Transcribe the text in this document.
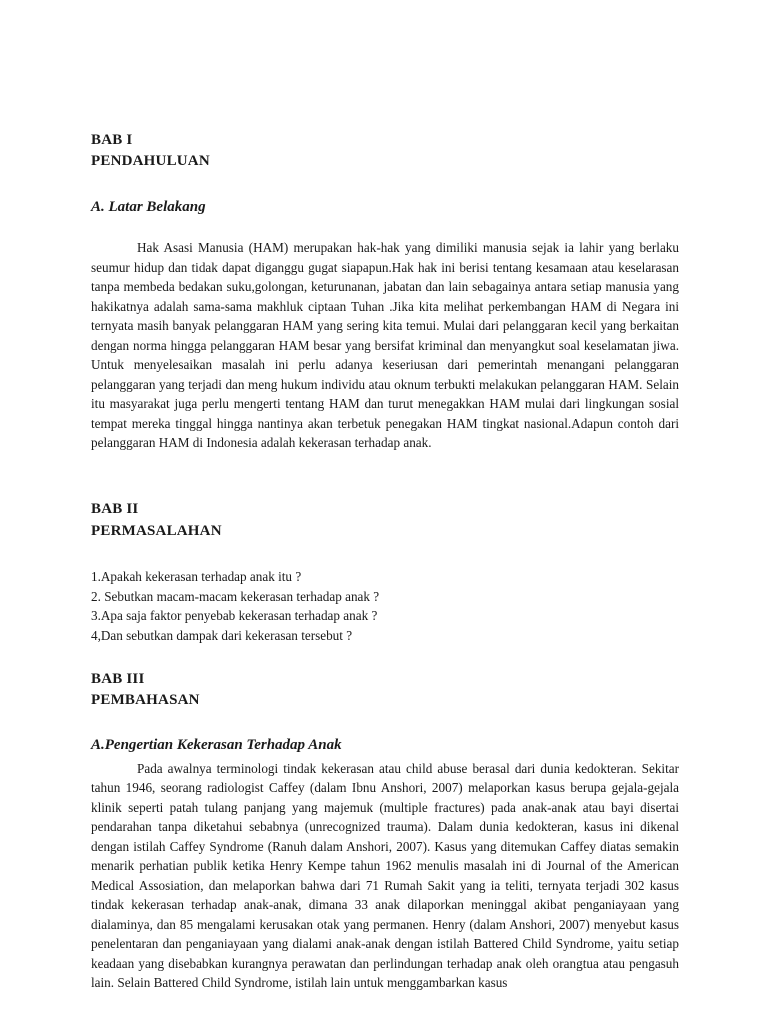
BAB I
PENDAHULUAN
A. Latar Belakang

Hak Asasi Manusia (HAM) merupakan hak-hak yang dimiliki manusia sejak ia lahir yang berlaku seumur hidup dan tidak dapat diganggu gugat siapapun.Hak hak ini berisi tentang kesamaan atau keselarasan tanpa membeda bedakan suku,golongan, keturunanan, jabatan dan lain sebagainya antara setiap manusia yang hakikatnya adalah sama-sama makhluk ciptaan Tuhan .Jika kita melihat perkembangan HAM di Negara ini ternyata masih banyak pelanggaran HAM yang sering kita temui. Mulai dari pelanggaran kecil yang berkaitan dengan norma hingga pelanggaran HAM besar yang bersifat kriminal dan menyangkut soal keselamatan jiwa. Untuk menyelesaikan masalah ini perlu adanya keseriusan dari pemerintah menangani pelanggaran pelanggaran yang terjadi dan meng hukum individu atau oknum terbukti melakukan pelanggaran HAM. Selain itu masyarakat juga perlu mengerti tentang HAM dan turut menegakkan HAM mulai dari lingkungan sosial tempat mereka tinggal hingga nantinya akan terbetuk penegakan HAM tingkat nasional.Adapun contoh dari pelanggaran HAM di Indonesia adalah kekerasan terhadap anak.

BAB II
PERMASALAHAN
1.Apakah kekerasan terhadap anak itu ?
2. Sebutkan macam-macam kekerasan terhadap anak ?
3.Apa saja faktor penyebab kekerasan terhadap anak ?
4,Dan sebutkan dampak dari kekerasan tersebut ?
BAB III
PEMBAHASAN
A.Pengertian Kekerasan Terhadap Anak

Pada awalnya terminologi tindak kekerasan atau child abuse berasal dari dunia kedokteran. Sekitar tahun 1946, seorang radiologist Caffey (dalam Ibnu Anshori, 2007) melaporkan kasus berupa gejala-gejala klinik seperti patah tulang panjang yang majemuk (multiple fractures) pada anak-anak atau bayi disertai pendarahan tanpa diketahui sebabnya (unrecognized trauma). Dalam dunia kedokteran, kasus ini dikenal dengan istilah Caffey Syndrome (Ranuh dalam Anshori, 2007). Kasus yang ditemukan Caffey diatas semakin menarik perhatian publik ketika Henry Kempe tahun 1962 menulis masalah ini di Journal of the American Medical Assosiation, dan melaporkan bahwa dari 71 Rumah Sakit yang ia teliti, ternyata terjadi 302 kasus tindak kekerasan terhadap anak-anak, dimana 33 anak dilaporkan meninggal akibat penganiayaan yang dialaminya, dan 85 mengalami kerusakan otak yang permanen. Henry (dalam Anshori, 2007) menyebut kasus penelentaran dan penganiayaan yang dialami anak-anak dengan istilah Battered Child Syndrome, yaitu setiap keadaan yang disebabkan kurangnya perawatan dan perlindungan terhadap anak oleh orangtua atau pengasuh lain. Selain Battered Child Syndrome, istilah lain untuk menggambarkan kasus
